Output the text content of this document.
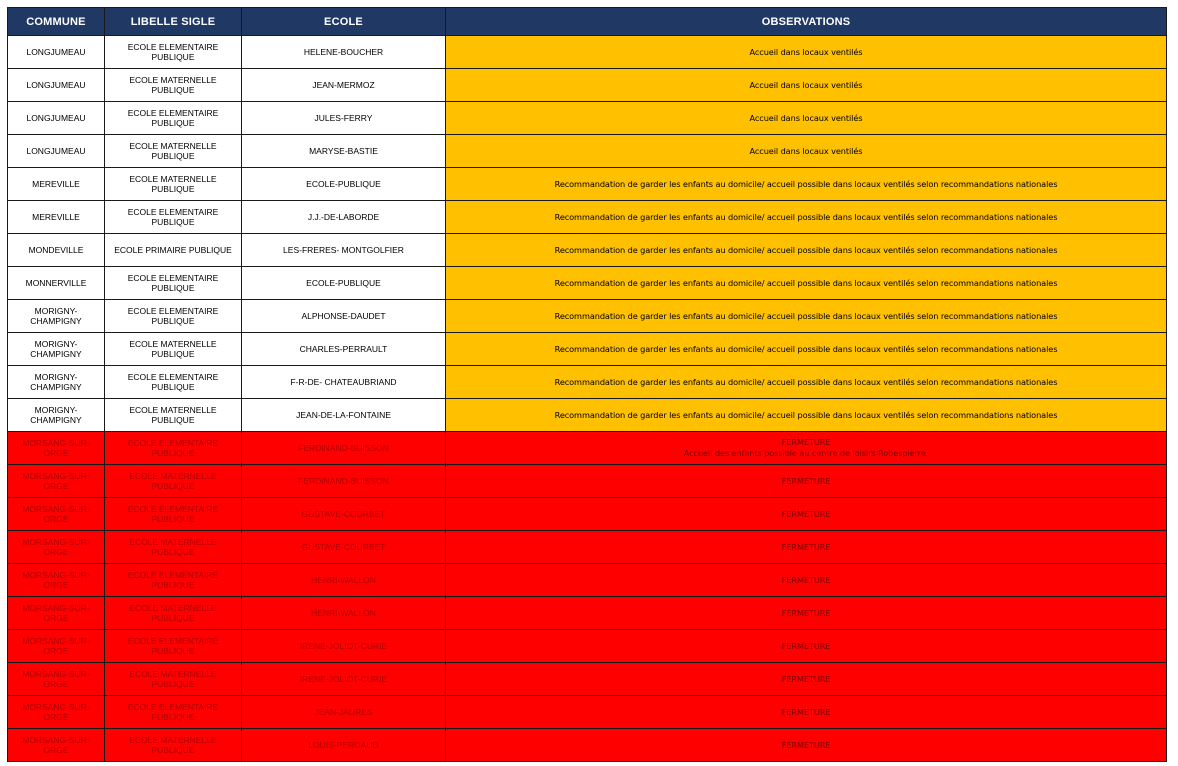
COMMUNE	LIBELLE SIGLE	ECOLE	OBSERVATIONS
LONGJUMEAU	ECOLE ELEMENTAIRE PUBLIQUE	HELENE-BOUCHER	Accueil dans locaux ventilés

LONGJUMEAU	ECOLE MATERNELLE PUBLIQUE	JEAN-MERMOZ	Accueil dans locaux ventilés

LONGJUMEAU	ECOLE ELEMENTAIRE PUBLIQUE	JULES-FERRY	Accueil dans locaux ventilés

LONGJUMEAU	ECOLE MATERNELLE PUBLIQUE	MARYSE-BASTIE	Accueil dans locaux ventilés

MEREVILLE	ECOLE MATERNELLE PUBLIQUE	ECOLE-PUBLIQUE	Recommandation de garder les enfants au domicile/ accueil possible dans locaux ventilés selon recommandations nationales

MEREVILLE	ECOLE ELEMENTAIRE PUBLIQUE	J.J.-DE-LABORDE	Recommandation de garder les enfants au domicile/ accueil possible dans locaux ventilés selon recommandations nationales

MONDEVILLE	ECOLE PRIMAIRE PUBLIQUE	LES-FRERES- MONTGOLFIER	Recommandation de garder les enfants au domicile/ accueil possible dans locaux ventilés selon recommandations nationales

MONNERVILLE	ECOLE ELEMENTAIRE PUBLIQUE	ECOLE-PUBLIQUE	Recommandation de garder les enfants au domicile/ accueil possible dans locaux ventilés selon recommandations nationales

MORIGNY-CHAMPIGNY	ECOLE ELEMENTAIRE PUBLIQUE	ALPHONSE-DAUDET	Recommandation de garder les enfants au domicile/ accueil possible dans locaux ventilés selon recommandations nationales

MORIGNY-CHAMPIGNY	ECOLE MATERNELLE PUBLIQUE	CHARLES-PERRAULT	Recommandation de garder les enfants au domicile/ accueil possible dans locaux ventilés selon recommandations nationales

MORIGNY-CHAMPIGNY	ECOLE ELEMENTAIRE PUBLIQUE	F-R-DE- CHATEAUBRIAND	Recommandation de garder les enfants au domicile/ accueil possible dans locaux ventilés selon recommandations nationales

MORIGNY-CHAMPIGNY	ECOLE MATERNELLE PUBLIQUE	JEAN-DE-LA-FONTAINE	Recommandation de garder les enfants au domicile/ accueil possible dans locaux ventilés selon recommandations nationales

MORSANG-SUR-ORGE	ECOLE ELEMENTAIRE PUBLIQUE	FERDINAND-BUISSON	FERMETURE
Accueil des enfants possible au centre de loisirs Robespierre.

MORSANG-SUR-ORGE	ECOLE MATERNELLE PUBLIQUE	FERDINAND-BUISSON	FERMETURE

MORSANG-SUR-ORGE	ECOLE ELEMENTAIRE PUBLIQUE	GUSTAVE-COURBET	FERMETURE

MORSANG-SUR-ORGE	ECOLE MATERNELLE PUBLIQUE	GUSTAVE-COURBET	FERMETURE

MORSANG-SUR-ORGE	ECOLE ELEMENTAIRE PUBLIQUE	HENRI-WALLON	FERMETURE

MORSANG-SUR-ORGE	ECOLE MATERNELLE PUBLIQUE	HENRI-WALLON	FERMETURE

MORSANG-SUR-ORGE	ECOLE ELEMENTAIRE PUBLIQUE	IRENE-JOLIOT-CURIE	FERMETURE

MORSANG-SUR-ORGE	ECOLE MATERNELLE PUBLIQUE	IRENE-JOLIOT-CURIE	FERMETURE

MORSANG-SUR-ORGE	ECOLE ELEMENTAIRE PUBLIQUE	JEAN-JAURES	FERMETURE

MORSANG-SUR-ORGE	ECOLE MATERNELLE PUBLIQUE	LOUIS-PERGAUD	FERMETURE
